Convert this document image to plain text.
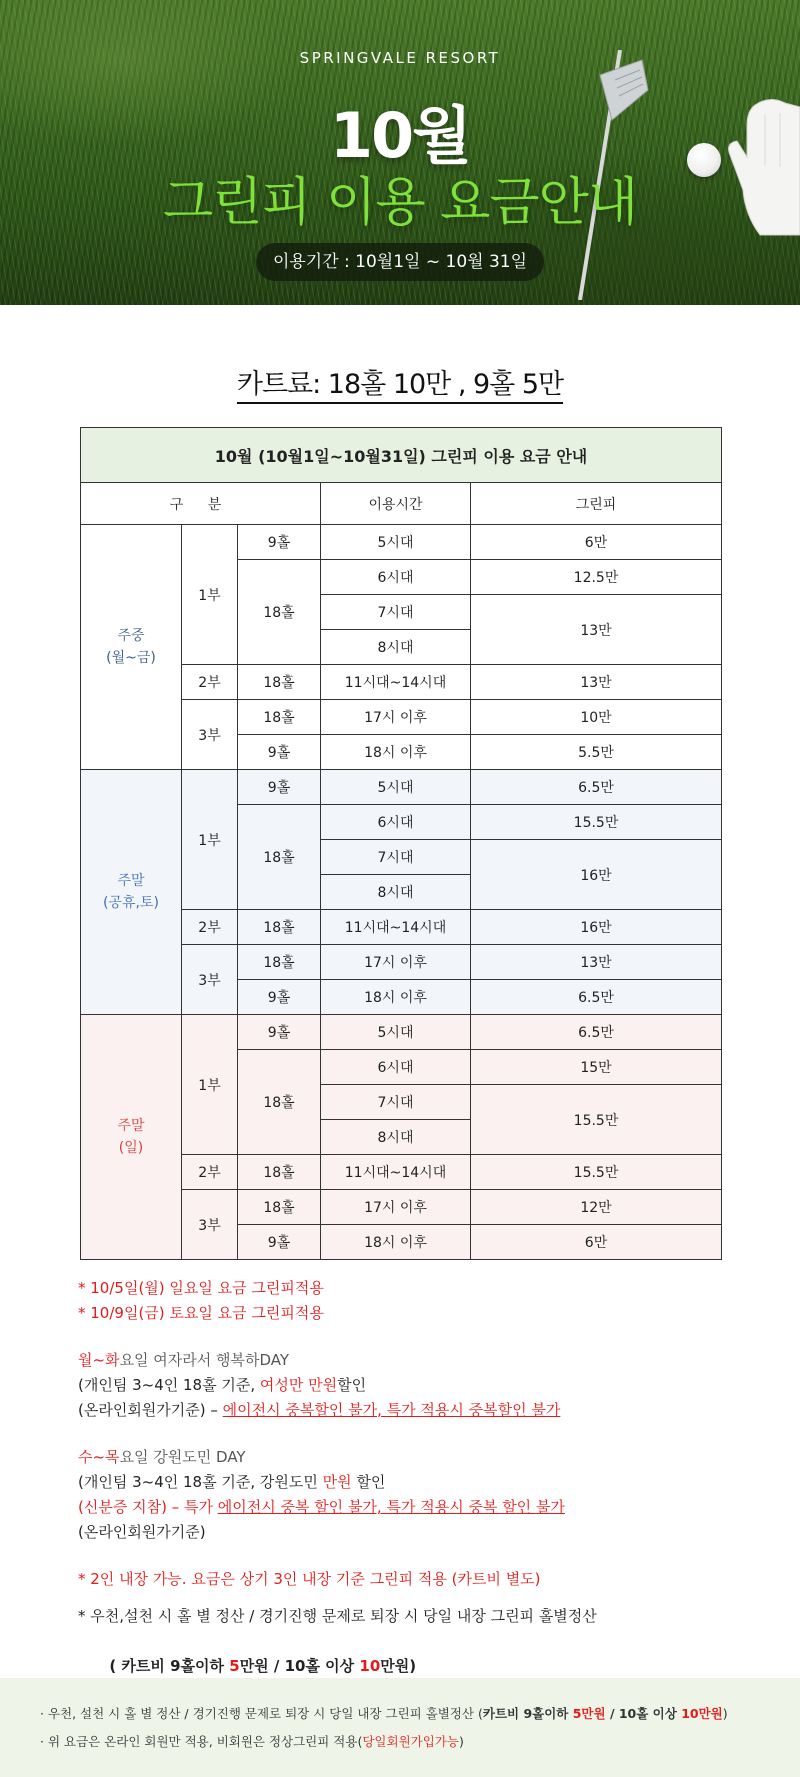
SPRINGVALE RESORT
10월
그린피 이용 요금안내
이용기간 : 10월1일 ~ 10월 31일
카트료: 18홀 10만 , 9홀 5만
10월 (10월1일~10월31일) 그린피 이용 요금 안내				
구 분			이용시간	그린피
주중
(월~금)	1부	9홀	5시대	6만
		18홀	6시대	12.5만
			7시대	13만
			8시대	
	2부	18홀	11시대~14시대	13만
	3부	18홀	17시 이후	10만
		9홀	18시 이후	5.5만
주말
(공휴,토)	1부	9홀	5시대	6.5만
		18홀	6시대	15.5만
			7시대	16만
			8시대	
	2부	18홀	11시대~14시대	16만
	3부	18홀	17시 이후	13만
		9홀	18시 이후	6.5만
주말
(일)	1부	9홀	5시대	6.5만
		18홀	6시대	15만
			7시대	15.5만
			8시대	
	2부	18홀	11시대~14시대	15.5만
	3부	18홀	17시 이후	12만
		9홀	18시 이후	6만
* 10/5일(월) 일요일 요금 그린피적용
* 10/9일(금) 토요일 요금 그린피적용
월~화요일 여자라서 행복하DAY
(개인팀 3~4인 18홀 기준, 여성만 만원할인
(온라인회원가기준) – 에이전시 중복할인 불가, 특가 적용시 중복할인 불가
수~목요일 강원도민 DAY
(개인팀 3~4인 18홀 기준, 강원도민 만원 할인
(신분증 지참) – 특가 에이전시 중복 할인 불가, 특가 적용시 중복 할인 불가
(온라인회원가기준)
* 2인 내장 가능. 요금은 상기 3인 내장 기준 그린피 적용 (카트비 별도)
* 우천,설천 시 홀 별 정산 / 경기진행 문제로 퇴장 시 당일 내장 그린피 홀별정산

( 카트비 9홀이하 5만원 / 10홀 이상 10만원)

· 우천, 설천 시 홀 별 정산 / 경기진행 문제로 퇴장 시 당일 내장 그린피 홀별정산 (카트비 9홀이하 5만원 / 10홀 이상 10만원)
· 위 요금은 온라인 회원만 적용, 비회원은 정상그린피 적용(당일회원가입가능)
